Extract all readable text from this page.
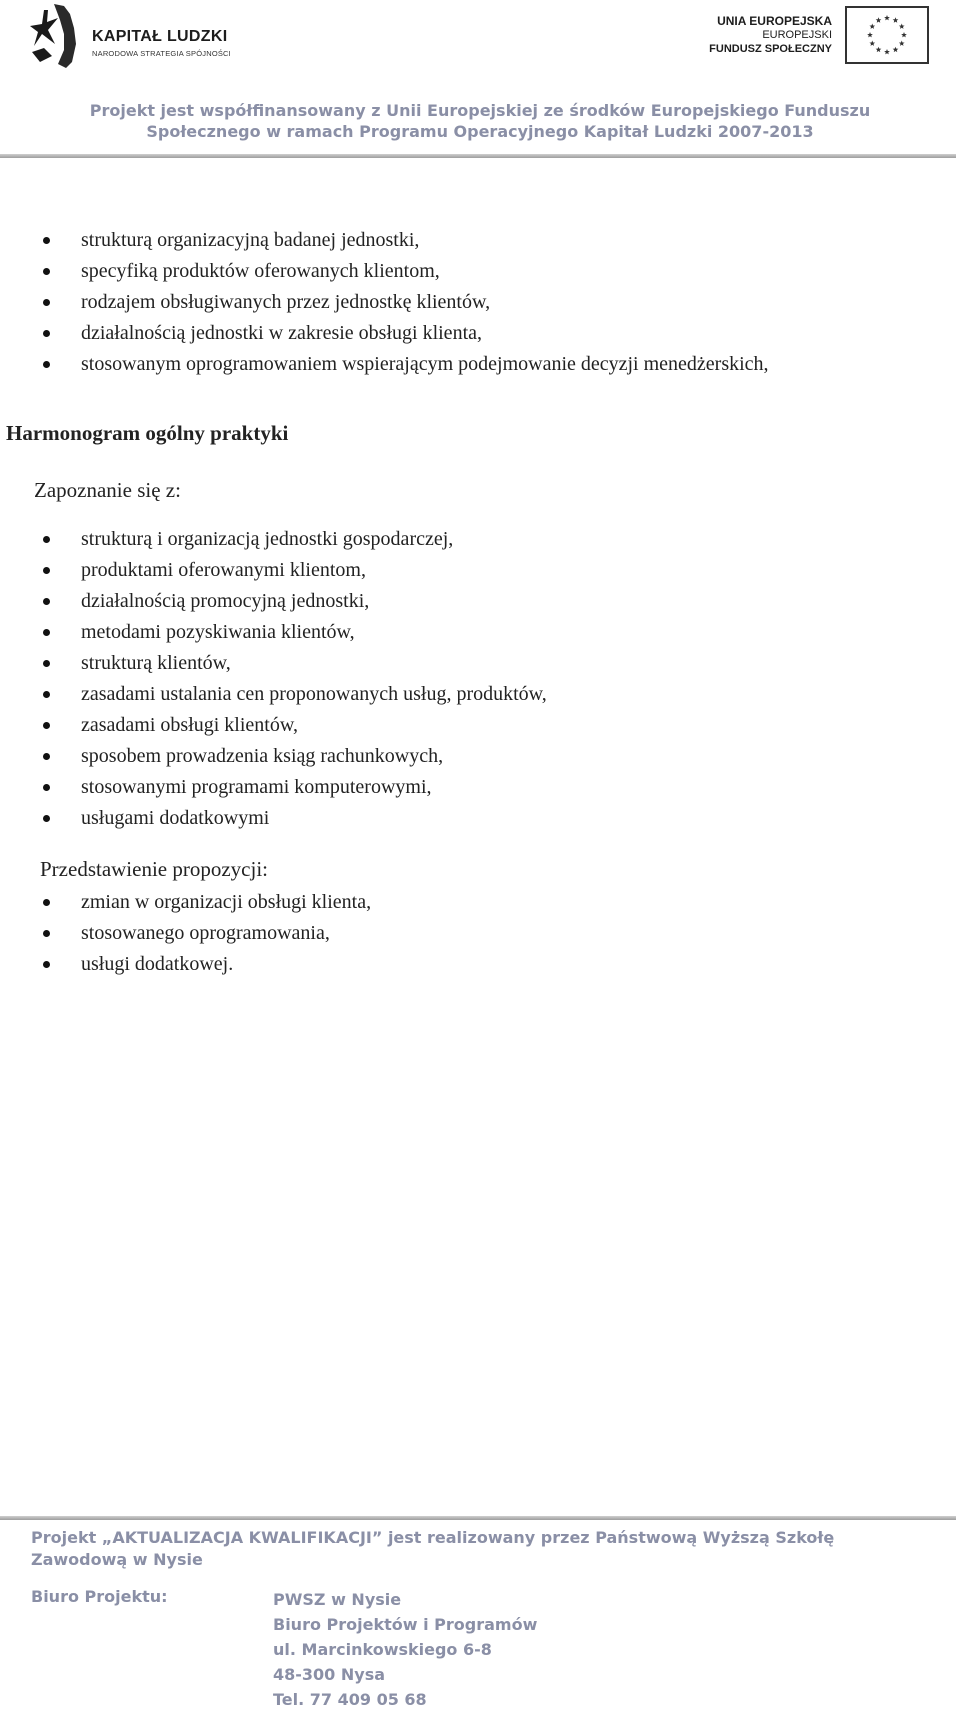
KAPITAŁ LUDZKI
NARODOWA STRATEGIA SPÓJNOŚCI
UNIA EUROPEJSKA
EUROPEJSKI
FUNDUSZ SPOŁECZNY
Projekt jest współfinansowany z Unii Europejskiej ze środków Europejskiego Funduszu
Społecznego w ramach Programu Operacyjnego Kapitał Ludzki 2007-2013
strukturą organizacyjną badanej jednostki,
specyfiką produktów oferowanych klientom,
rodzajem obsługiwanych przez jednostkę klientów,
działalnością jednostki w zakresie obsługi klienta,
stosowanym oprogramowaniem wspierającym podejmowanie decyzji menedżerskich,
Harmonogram ogólny praktyki
Zapoznanie się z:
strukturą i organizacją jednostki gospodarczej,
produktami oferowanymi klientom,
działalnością promocyjną jednostki,
metodami pozyskiwania klientów,
strukturą klientów,
zasadami ustalania cen proponowanych usług, produktów,
zasadami obsługi klientów,
sposobem prowadzenia ksiąg rachunkowych,
stosowanymi programami komputerowymi,
usługami dodatkowymi
Przedstawienie propozycji:
zmian w organizacji obsługi klienta,
stosowanego oprogramowania,
usługi dodatkowej.
Projekt „AKTUALIZACJA KWALIFIKACJI” jest realizowany przez Państwową Wyższą Szkołę
Zawodową w Nysie
Biuro Projektu:	PWSZ w Nysie
Biuro Projektów i Programów
ul. Marcinkowskiego 6-8
48-300 Nysa
Tel. 77 409 05 68
